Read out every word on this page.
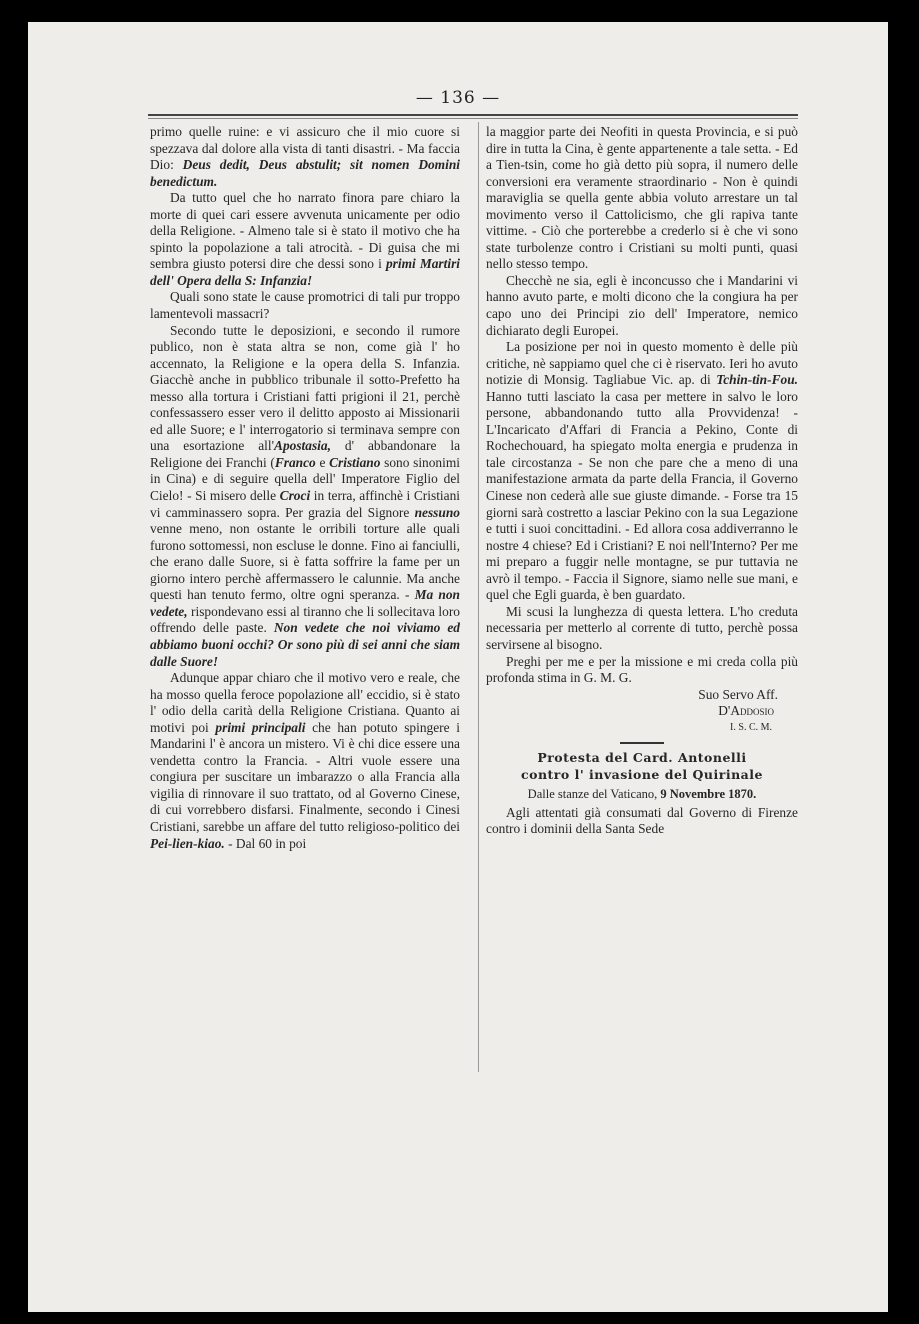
— 136 —

primo quelle ruine: e vi assicuro che il mio cuore si spezzava dal dolore alla vista di tanti disastri. - Ma faccia Dio: Deus dedit, Deus abstulit; sit nomen Domini benedictum.

Da tutto quel che ho narrato finora pare chiaro la morte di quei cari essere avvenuta unicamente per odio della Religione. - Almeno tale si è stato il motivo che ha spinto la popolazione a tali atrocità. - Di guisa che mi sembra giusto potersi dire che dessi sono i primi Martiri dell' Opera della S: Infanzia!

Quali sono state le cause promotrici di tali pur troppo lamentevoli massacri?

Secondo tutte le deposizioni, e secondo il rumore publico, non è stata altra se non, come già l' ho accennato, la Religione e la opera della S. Infanzia. Giacchè anche in pubblico tribunale il sotto-Prefetto ha messo alla tortura i Cristiani fatti prigioni il 21, perchè confessassero esser vero il delitto apposto ai Missionarii ed alle Suore; e l' interrogatorio si terminava sempre con una esortazione all'Apostasia, d' abbandonare la Religione dei Franchi (Franco e Cristiano sono sinonimi in Cina) e di seguire quella dell' Imperatore Figlio del Cielo! - Si misero delle Croci in terra, affinchè i Cristiani vi camminassero sopra. Per grazia del Signore nessuno venne meno, non ostante le orribili torture alle quali furono sottomessi, non escluse le donne. Fino ai fanciulli, che erano dalle Suore, si è fatta soffrire la fame per un giorno intero perchè affermassero le calunnie. Ma anche questi han tenuto fermo, oltre ogni speranza. - Ma non vedete, rispondevano essi al tiranno che li sollecitava loro offrendo delle paste. Non vedete che noi viviamo ed abbiamo buoni occhi? Or sono più di sei anni che siam dalle Suore!

Adunque appar chiaro che il motivo vero e reale, che ha mosso quella feroce popolazione all' eccidio, si è stato l' odio della carità della Religione Cristiana. Quanto ai motivi poi primi principali che han potuto spingere i Mandarini l' è ancora un mistero. Vi è chi dice essere una vendetta contro la Francia. - Altri vuole essere una congiura per suscitare un imbarazzo o alla Francia alla vigilia di rinnovare il suo trattato, od al Governo Cinese, di cui vorrebbero disfarsi. Finalmente, secondo i Cinesi Cristiani, sarebbe un affare del tutto religioso-politico dei Pei-lien-kiao. - Dal 60 in poi

la maggior parte dei Neofiti in questa Provincia, e si può dire in tutta la Cina, è gente appartenente a tale setta. - Ed a Tien-tsin, come ho già detto più sopra, il numero delle conversioni era veramente straordinario - Non è quindi maraviglia se quella gente abbia voluto arrestare un tal movimento verso il Cattolicismo, che gli rapiva tante vittime. - Ciò che porterebbe a crederlo si è che vi sono state turbolenze contro i Cristiani su molti punti, quasi nello stesso tempo.

Checchè ne sia, egli è inconcusso che i Mandarini vi hanno avuto parte, e molti dicono che la congiura ha per capo uno dei Principi zio dell' Imperatore, nemico dichiarato degli Europei.

La posizione per noi in questo momento è delle più critiche, nè sappiamo quel che ci è riservato. Ieri ho avuto notizie di Monsig. Tagliabue Vic. ap. di Tchin-tin-Fou. Hanno tutti lasciato la casa per mettere in salvo le loro persone, abbandonando tutto alla Provvidenza! - L'Incaricato d'Affari di Francia a Pekino, Conte di Rochechouard, ha spiegato molta energia e prudenza in tale circostanza - Se non che pare che a meno di una manifestazione armata da parte della Francia, il Governo Cinese non cederà alle sue giuste dimande. - Forse tra 15 giorni sarà costretto a lasciar Pekino con la sua Legazione e tutti i suoi concittadini. - Ed allora cosa addiverranno le nostre 4 chiese? Ed i Cristiani? E noi nell'Interno? Per me mi preparo a fuggir nelle montagne, se pur tuttavia ne avrò il tempo. - Faccia il Signore, siamo nelle sue mani, e quel che Egli guarda, è ben guardato.

Mi scusi la lunghezza di questa lettera. L'ho creduta necessaria per metterlo al corrente di tutto, perchè possa servirsene al bisogno.

Preghi per me e per la missione e mi creda colla più profonda stima in G. M. G.

Suo Servo Aff.
D'Addosio
I. S. C. M.
Protesta del Card. Antonelli
contro l' invasione del Quirinale
Dalle stanze del Vaticano, 9 Novembre 1870.

Agli attentati già consumati dal Governo di Firenze contro i dominii della Santa Sede
